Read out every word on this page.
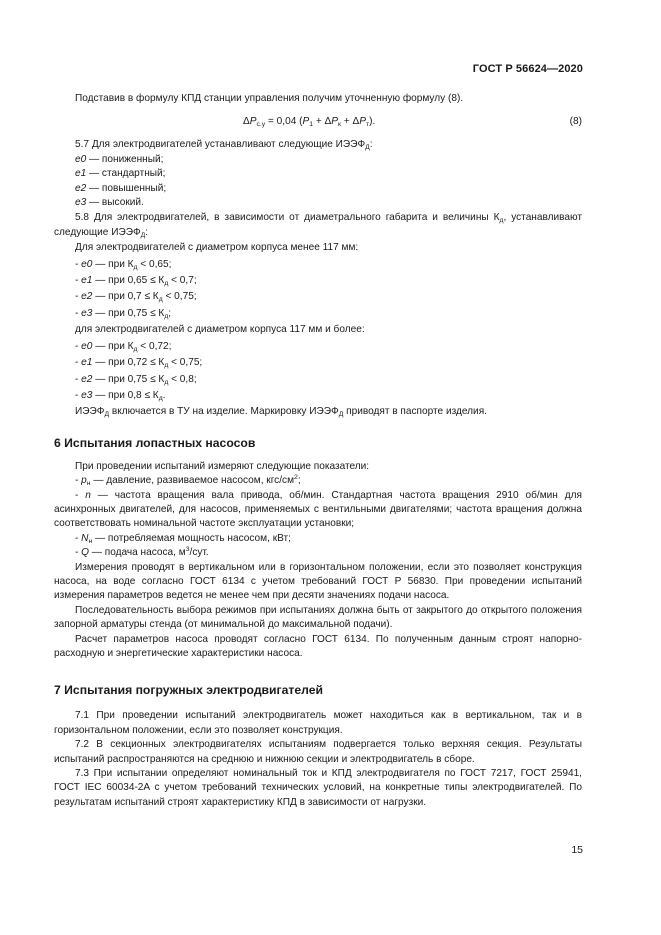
ГОСТ Р 56624—2020

Подставив в формулу КПД станции управления получим уточненную формулу (8).

$\Delta P_{с.у} = 0,04$ $(P_1 + \Delta P_к + \Delta P_т)$.	(8)

5.7 Для электродвигателей устанавливают следующие $ИЭЭФ_Д$:

е0 — пониженный;

е1 — стандартный;

е2 — повышенный;

е3 — высокий.

5.8 Для электродвигателей, в зависимости от диаметрального габарита и величины $К_д$, устанавливают следующие $ИЭЭФ_Д$:

Для электродвигателей с диаметром корпуса менее 117 мм:

- е0 — при $К_д < 0,65$;

- е1 — при $0,65 \le К_д < 0,7$;

- е2 — при $0,7 \le К_д < 0,75$;

- е3 — при $0,75 \le К_д$;

для электродвигателей с диаметром корпуса 117 мм и более:

- е0 — при $К_д < 0,72$;

- е1 — при $0,72 \le К_д < 0,75$;

- е2 — при $0,75 \le К_д < 0,8$;

- е3 — при $0,8 \le К_д$.

$ИЭЭФ_Д$ включается в ТУ на изделие. Маркировку $ИЭЭФ_Д$ приводят в паспорте изделия.

6 Испытания лопастных насосов

При проведении испытаний измеряют следующие показатели:

- $p_н$ — давление, развиваемое насосом, кгс/$см^2$;

- n — частота вращения вала привода, об/мин. Стандартная частота вращения 2910 об/мин для асинхронных двигателей, для насосов, применяемых с вентильными двигателями; частота вращения должна соответствовать номинальной частоте эксплуатации установки;

- $N_н$ — потребляемая мощность насосом, кВт;

- Q — подача насоса, $м^3$/сут.

Измерения проводят в вертикальном или в горизонтальном положении, если это позволяет конструкция насоса, на воде согласно ГОСТ 6134 с учетом требований ГОСТ Р 56830. При проведении испытаний измерения параметров ведется не менее чем при десяти значениях подачи насоса.

Последовательность выбора режимов при испытаниях должна быть от закрытого до открытого положения запорной арматуры стенда (от минимальной до максимальной подачи).

Расчет параметров насоса проводят согласно ГОСТ 6134. По полученным данным строят напорно-расходную и энергетические характеристики насоса.

7 Испытания погружных электродвигателей

7.1 При проведении испытаний электродвигатель может находиться как в вертикальном, так и в горизонтальном положении, если это позволяет конструкция.

7.2 В секционных электродвигателях испытаниям подвергается только верхняя секция. Результаты испытаний распространяются на среднюю и нижнюю секции и электродвигатель в сборе.

7.3 При испытании определяют номинальный ток и КПД электродвигателя по ГОСТ 7217, ГОСТ 25941, ГОСТ IEC 60034-2A с учетом требований технических условий, на конкретные типы электродвигателей. По результатам испытаний строят характеристику КПД в зависимости от нагрузки.

15
